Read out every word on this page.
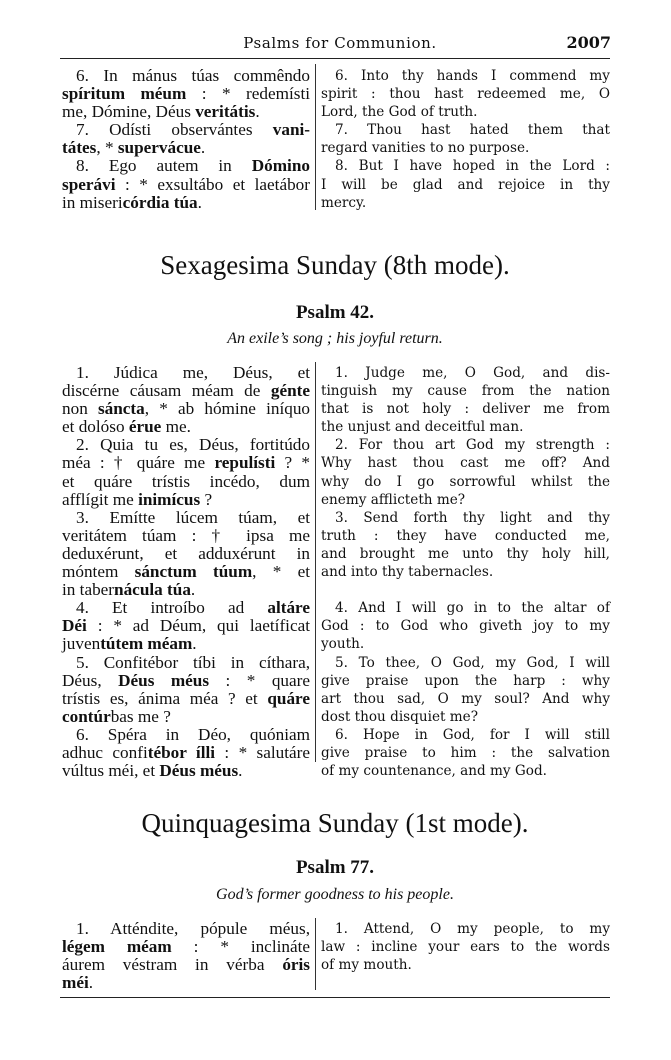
Psalms for Communion.	2007
6. In mánus túas commêndo
spíritum méum : * redemísti
me, Dómine, Déus veritátis.
7. Odísti observántes vani-
tátes, * supervácue.
8. Ego autem in Dómino
sperávi : * exsultábo et laetábor
in misericórdia túa.
6. Into thy hands I commend my
spirit : thou hast redeemed me, O
Lord, the God of truth.
7. Thou hast hated them that
regard vanities to no purpose.
8. But I have hoped in the Lord :
I will be glad and rejoice in thy
mercy.
Sexagesima Sunday (8th mode).
Psalm 42.
An exile’s song ; his joyful return.
1. Júdica me, Déus, et
discérne cáusam méam de génte
non sáncta, * ab hómine iníquo
et dolóso érue me.
2. Quia tu es, Déus, fortitúdo
méa : † quáre me repulísti ? *
et quáre trístis incédo, dum
afflígit me inimícus ?
3. Emítte lúcem túam, et
veritátem túam : † ipsa me
deduxérunt, et adduxérunt in
móntem sánctum túum, * et
in tabernácula túa.
4. Et introíbo ad altáre
Déi : * ad Déum, qui laetíficat
juventútem méam.
5. Confitébor tíbi in cíthara,
Déus, Déus méus : * quare
trístis es, ánima méa ? et quáre
contúrbas me ?
6. Spéra in Déo, quóniam
adhuc confitébor ílli : * salutáre
vúltus méi, et Déus méus.
1. Judge me, O God, and dis-
tinguish my cause from the nation
that is not holy : deliver me from
the unjust and deceitful man.
2. For thou art God my strength :
Why hast thou cast me off? And
why do I go sorrowful whilst the
enemy afflicteth me?
3. Send forth thy light and thy
truth : they have conducted me,
and brought me unto thy holy hill,
and into thy tabernacles.

4. And I will go in to the altar of
God : to God who giveth joy to my
youth.
5. To thee, O God, my God, I will
give praise upon the harp : why
art thou sad, O my soul? And why
dost thou disquiet me?
6. Hope in God, for I will still
give praise to him : the salvation
of my countenance, and my God.
Quinquagesima Sunday (1st mode).
Psalm 77.
God’s former goodness to his people.
1. Atténdite, pópule méus,
légem méam : * inclináte
áurem véstram in vérba óris
méi.
1. Attend, O my people, to my
law : incline your ears to the words
of my mouth.
